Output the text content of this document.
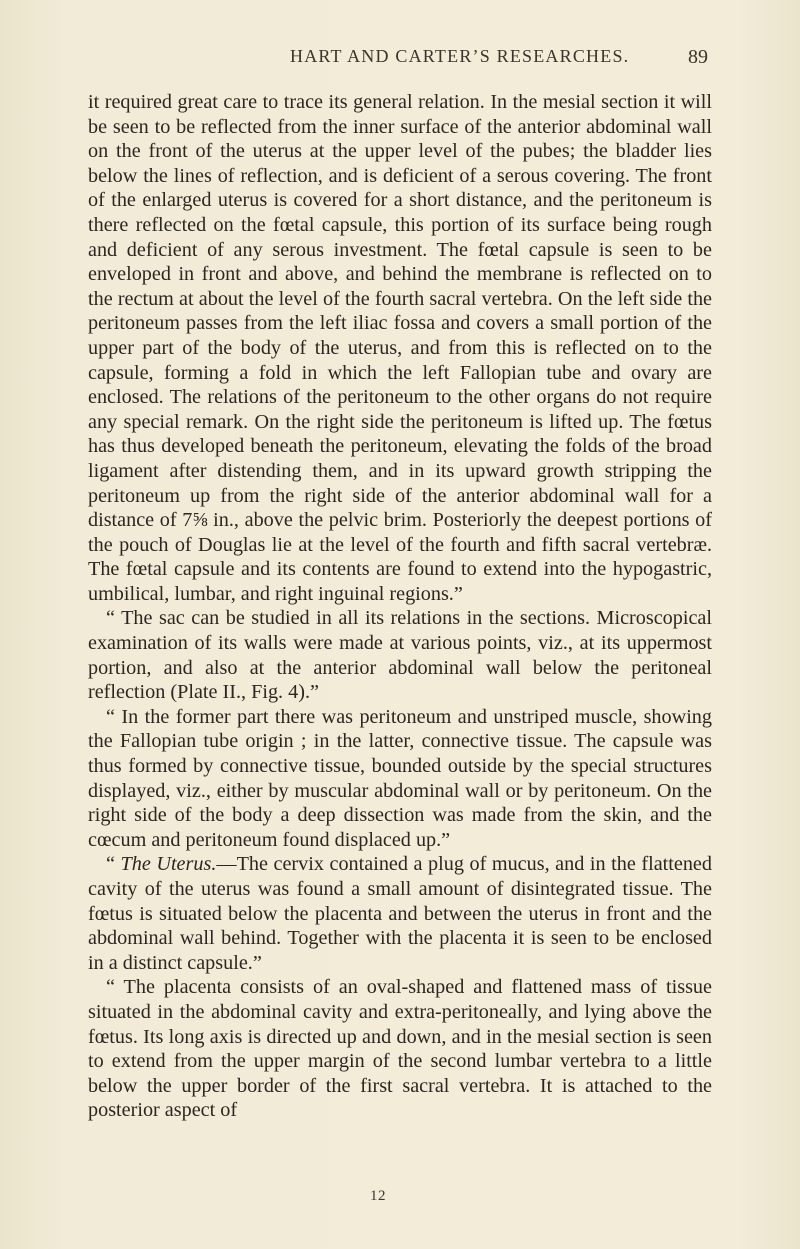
HART AND CARTER’S RESEARCHES.	89

it required great care to trace its general relation. In the mesial section it will be seen to be reflected from the inner surface of the anterior abdominal wall on the front of the uterus at the upper level of the pubes; the bladder lies below the lines of reflection, and is deficient of a serous covering. The front of the enlarged uterus is covered for a short distance, and the peritoneum is there reflected on the fœtal capsule, this portion of its surface being rough and deficient of any serous investment. The fœtal capsule is seen to be enveloped in front and above, and behind the membrane is reflected on to the rectum at about the level of the fourth sacral vertebra. On the left side the peritoneum passes from the left iliac fossa and covers a small portion of the upper part of the body of the uterus, and from this is reflected on to the capsule, forming a fold in which the left Fallopian tube and ovary are enclosed. The relations of the peritoneum to the other organs do not require any special remark. On the right side the peritoneum is lifted up. The fœtus has thus developed beneath the peritoneum, elevating the folds of the broad ligament after distending them, and in its upward growth stripping the peritoneum up from the right side of the anterior abdominal wall for a distance of 7⅝ in., above the pelvic brim. Posteriorly the deepest portions of the pouch of Douglas lie at the level of the fourth and fifth sacral vertebræ. The fœtal capsule and its contents are found to extend into the hypogastric, umbilical, lumbar, and right inguinal regions.”

“ The sac can be studied in all its relations in the sections. Microscopical examination of its walls were made at various points, viz., at its uppermost portion, and also at the anterior abdominal wall below the peritoneal reflection (Plate II., Fig. 4).”

“ In the former part there was peritoneum and unstriped muscle, showing the Fallopian tube origin ; in the latter, connective tissue. The capsule was thus formed by connective tissue, bounded outside by the special structures displayed, viz., either by muscular abdominal wall or by peritoneum. On the right side of the body a deep dissection was made from the skin, and the cœcum and peritoneum found displaced up.”

“ The Uterus.—The cervix contained a plug of mucus, and in the flattened cavity of the uterus was found a small amount of disintegrated tissue. The fœtus is situated below the placenta and between the uterus in front and the abdominal wall behind. Together with the placenta it is seen to be enclosed in a distinct capsule.”

“ The placenta consists of an oval-shaped and flattened mass of tissue situated in the abdominal cavity and extra-peritoneally, and lying above the fœtus. Its long axis is directed up and down, and in the mesial section is seen to extend from the upper margin of the second lumbar vertebra to a little below the upper border of the first sacral vertebra. It is attached to the posterior aspect of

12
